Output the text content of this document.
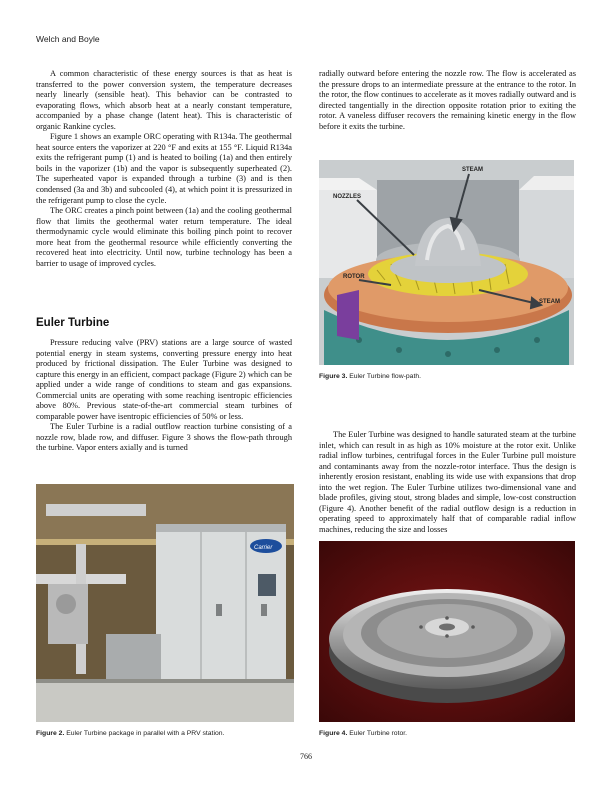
Welch and Boyle

A common characteristic of these energy sources is that as heat is transferred to the power conversion system, the temperature decreases nearly linearly (sensible heat). This behavior can be contrasted to evaporating flows, which absorb heat at a nearly constant temperature, accompanied by a phase change (latent heat). This is characteristic of organic Rankine cycles.

Figure 1 shows an example ORC operating with R134a. The geothermal heat source enters the vaporizer at 220 °F and exits at 155 °F. Liquid R134a exits the refrigerant pump (1) and is heated to boiling (1a) and then entirely boils in the vaporizer (1b) and the vapor is subsequently superheated (2). The superheated vapor is expanded through a turbine (3) and is then condensed (3a and 3b) and subcooled (4), at which point it is pressurized in the refrigerant pump to close the cycle.

The ORC creates a pinch point between (1a) and the cooling geothermal flow that limits the geothermal water return temperature. The ideal thermodynamic cycle would eliminate this boiling pinch point to recover more heat from the geothermal resource while efficiently converting the recovered heat into electricity. Until now, turbine technology has been a barrier to usage of improved cycles.

Euler Turbine

Pressure reducing valve (PRV) stations are a large source of wasted potential energy in steam systems, converting pressure energy into heat produced by frictional dissipation. The Euler Turbine was designed to capture this energy in an efficient, compact package (Figure 2) which can be applied under a wide range of conditions to steam and gas expansions. Commercial units are operating with some reaching isentropic efficiencies above 80%. Previous state-of-the-art commercial steam turbines of comparable power have isentropic efficiencies of 50% or less.

The Euler Turbine is a radial outflow reaction turbine consisting of a nozzle row, blade row, and diffuser. Figure 3 shows the flow-path through the turbine. Vapor enters axially and is turned

radially outward before entering the nozzle row. The flow is accelerated as the pressure drops to an intermediate pressure at the entrance to the rotor. In the rotor, the flow continues to accelerate as it moves radially outward and is directed tangentially in the direction opposite rotation prior to exiting the rotor. A vaneless diffuser recovers the remaining kinetic energy in the flow before it exits the turbine.

STEAM
NOZZLES
ROTOR
STEAM
Figure 3. Euler Turbine flow-path.

The Euler Turbine was designed to handle saturated steam at the turbine inlet, which can result in as high as 10% moisture at the rotor exit. Unlike radial inflow turbines, centrifugal forces in the Euler Turbine pull moisture and contaminants away from the nozzle-rotor interface. Thus the design is inherently erosion resistant, enabling its wide use with expansions that drop into the wet region. The Euler Turbine utilizes two-dimensional vane and blade profiles, giving stout, strong blades and simple, low-cost construction (Figure 4). Another benefit of the radial outflow design is a reduction in operating speed to approximately half that of comparable radial inflow machines, reducing the size and losses

Carrier
Figure 2. Euler Turbine package in parallel with a PRV station.	Figure 4. Euler Turbine rotor.
766
